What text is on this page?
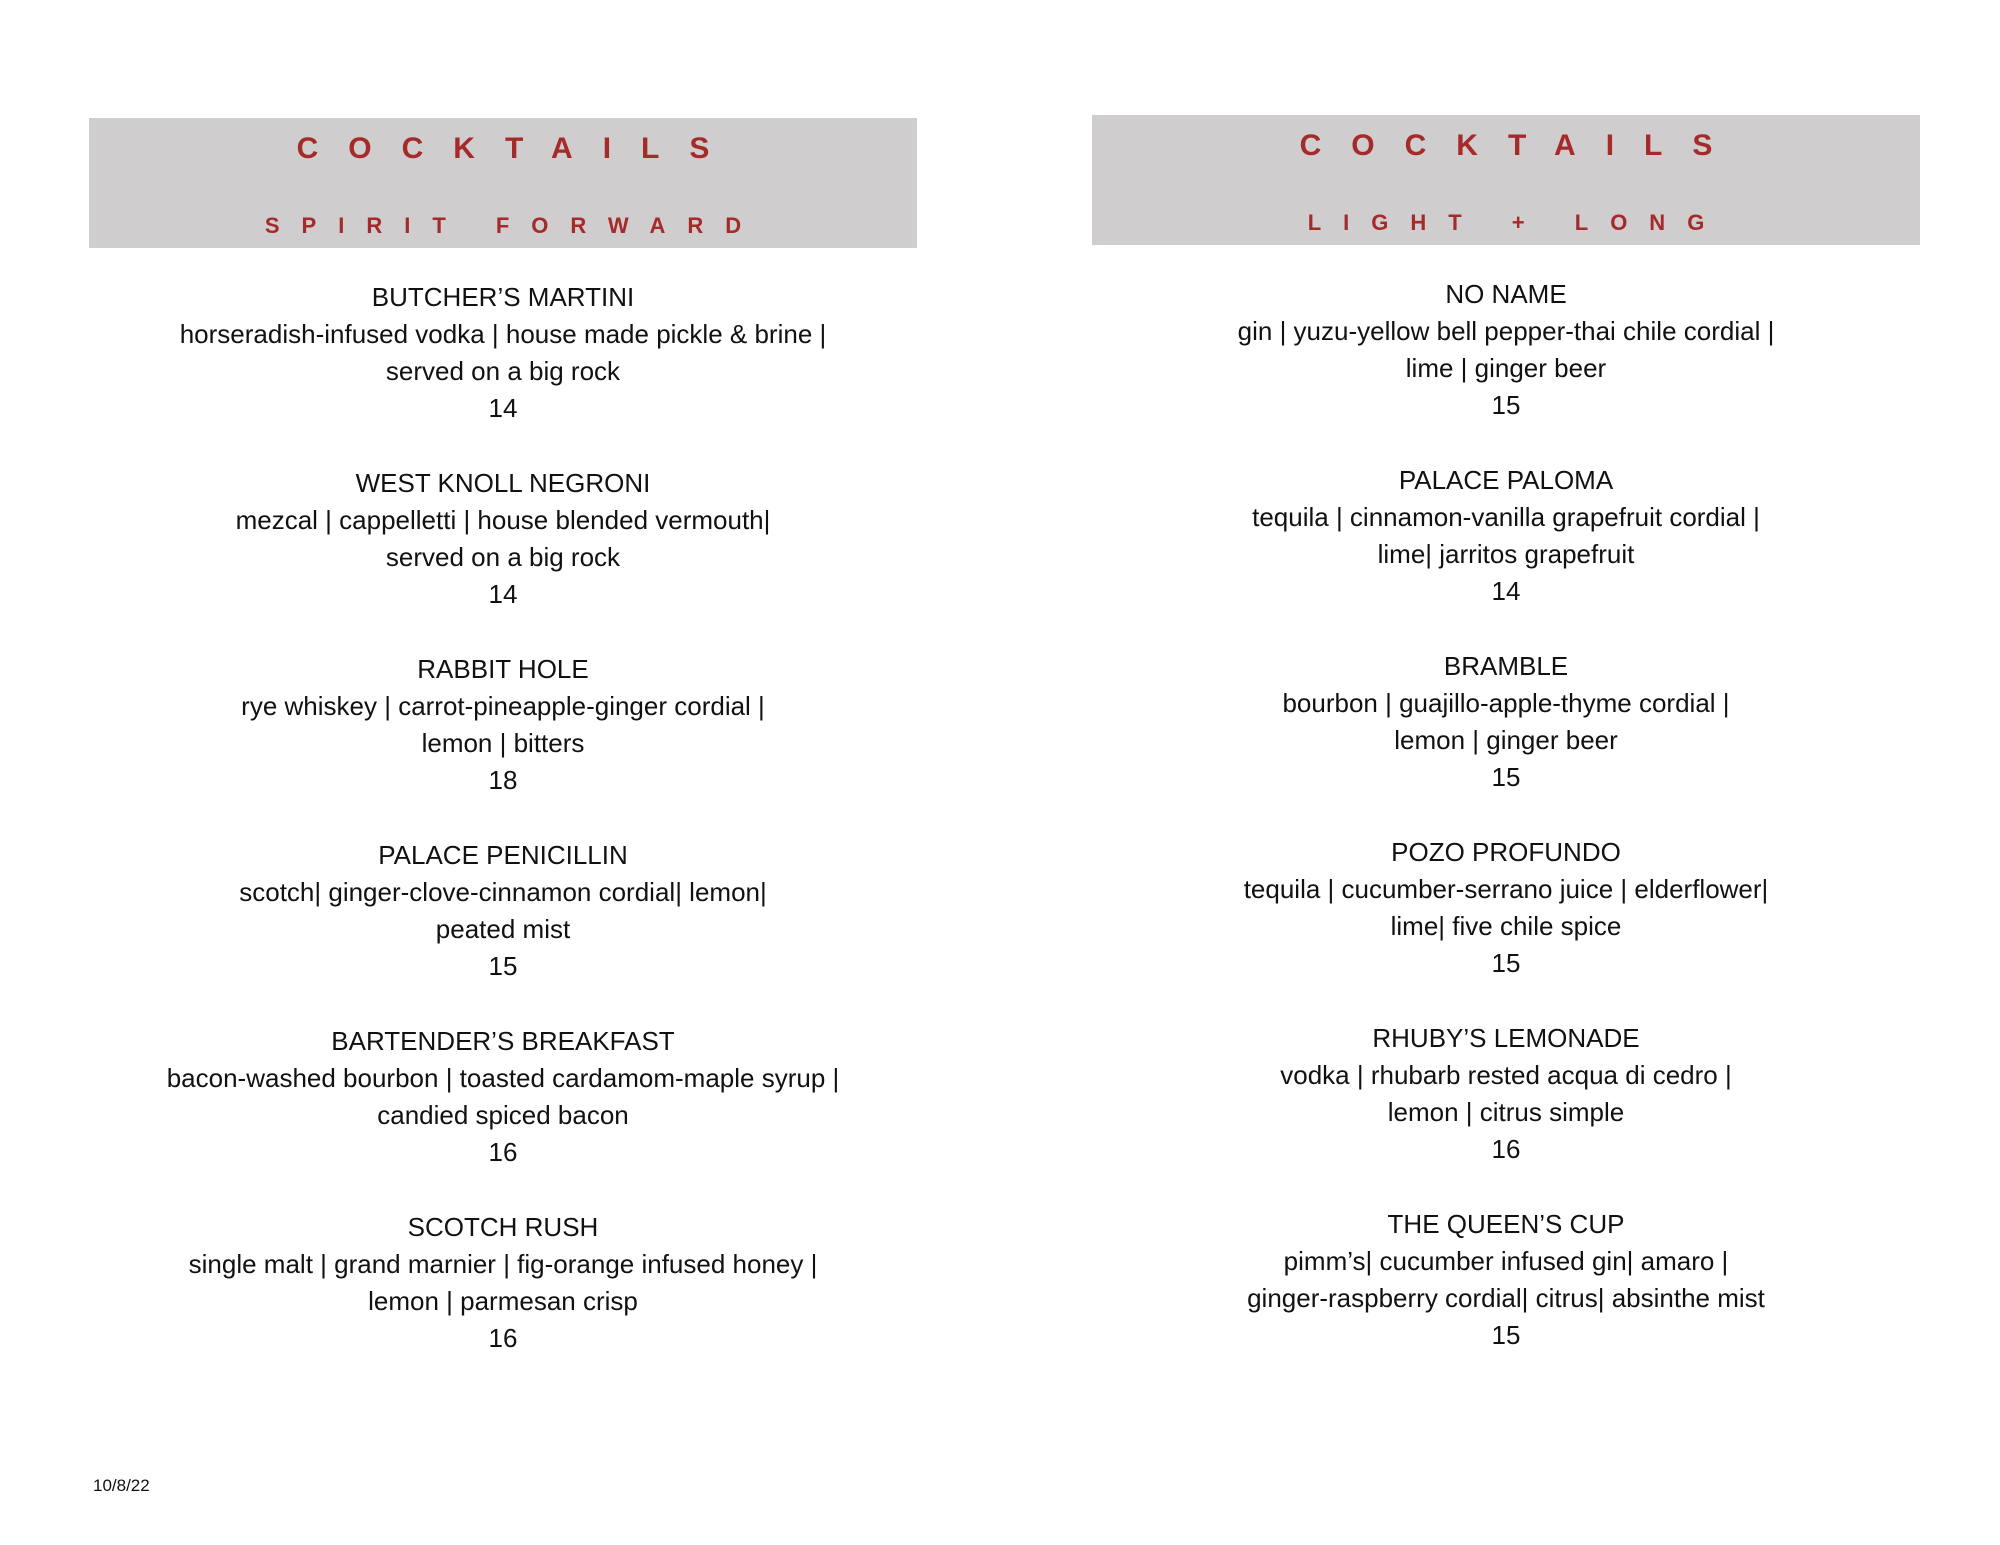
COCKTAILS
SPIRIT FORWARD
BUTCHER’S MARTINI
horseradish-infused vodka | house made pickle & brine |
served on a big rock
14
WEST KNOLL NEGRONI
mezcal | cappelletti | house blended vermouth|
served on a big rock
14
RABBIT HOLE
rye whiskey | carrot-pineapple-ginger cordial |
lemon | bitters
18
PALACE PENICILLIN
scotch| ginger-clove-cinnamon cordial| lemon|
peated mist
15
BARTENDER’S BREAKFAST
bacon-washed bourbon | toasted cardamom-maple syrup |
candied spiced bacon
16
SCOTCH RUSH
single malt | grand marnier | fig-orange infused honey |
lemon | parmesan crisp
16
COCKTAILS
LIGHT + LONG
NO NAME
gin | yuzu-yellow bell pepper-thai chile cordial |
lime | ginger beer
15
PALACE PALOMA
tequila | cinnamon-vanilla grapefruit cordial |
lime| jarritos grapefruit
14
BRAMBLE
bourbon | guajillo-apple-thyme cordial |
lemon | ginger beer
15
POZO PROFUNDO
tequila | cucumber-serrano juice | elderflower|
lime| five chile spice
15
RHUBY’S LEMONADE
vodka | rhubarb rested acqua di cedro |
lemon | citrus simple
16
THE QUEEN’S CUP
pimm’s| cucumber infused gin| amaro |
ginger-raspberry cordial| citrus| absinthe mist
15
10/8/22
